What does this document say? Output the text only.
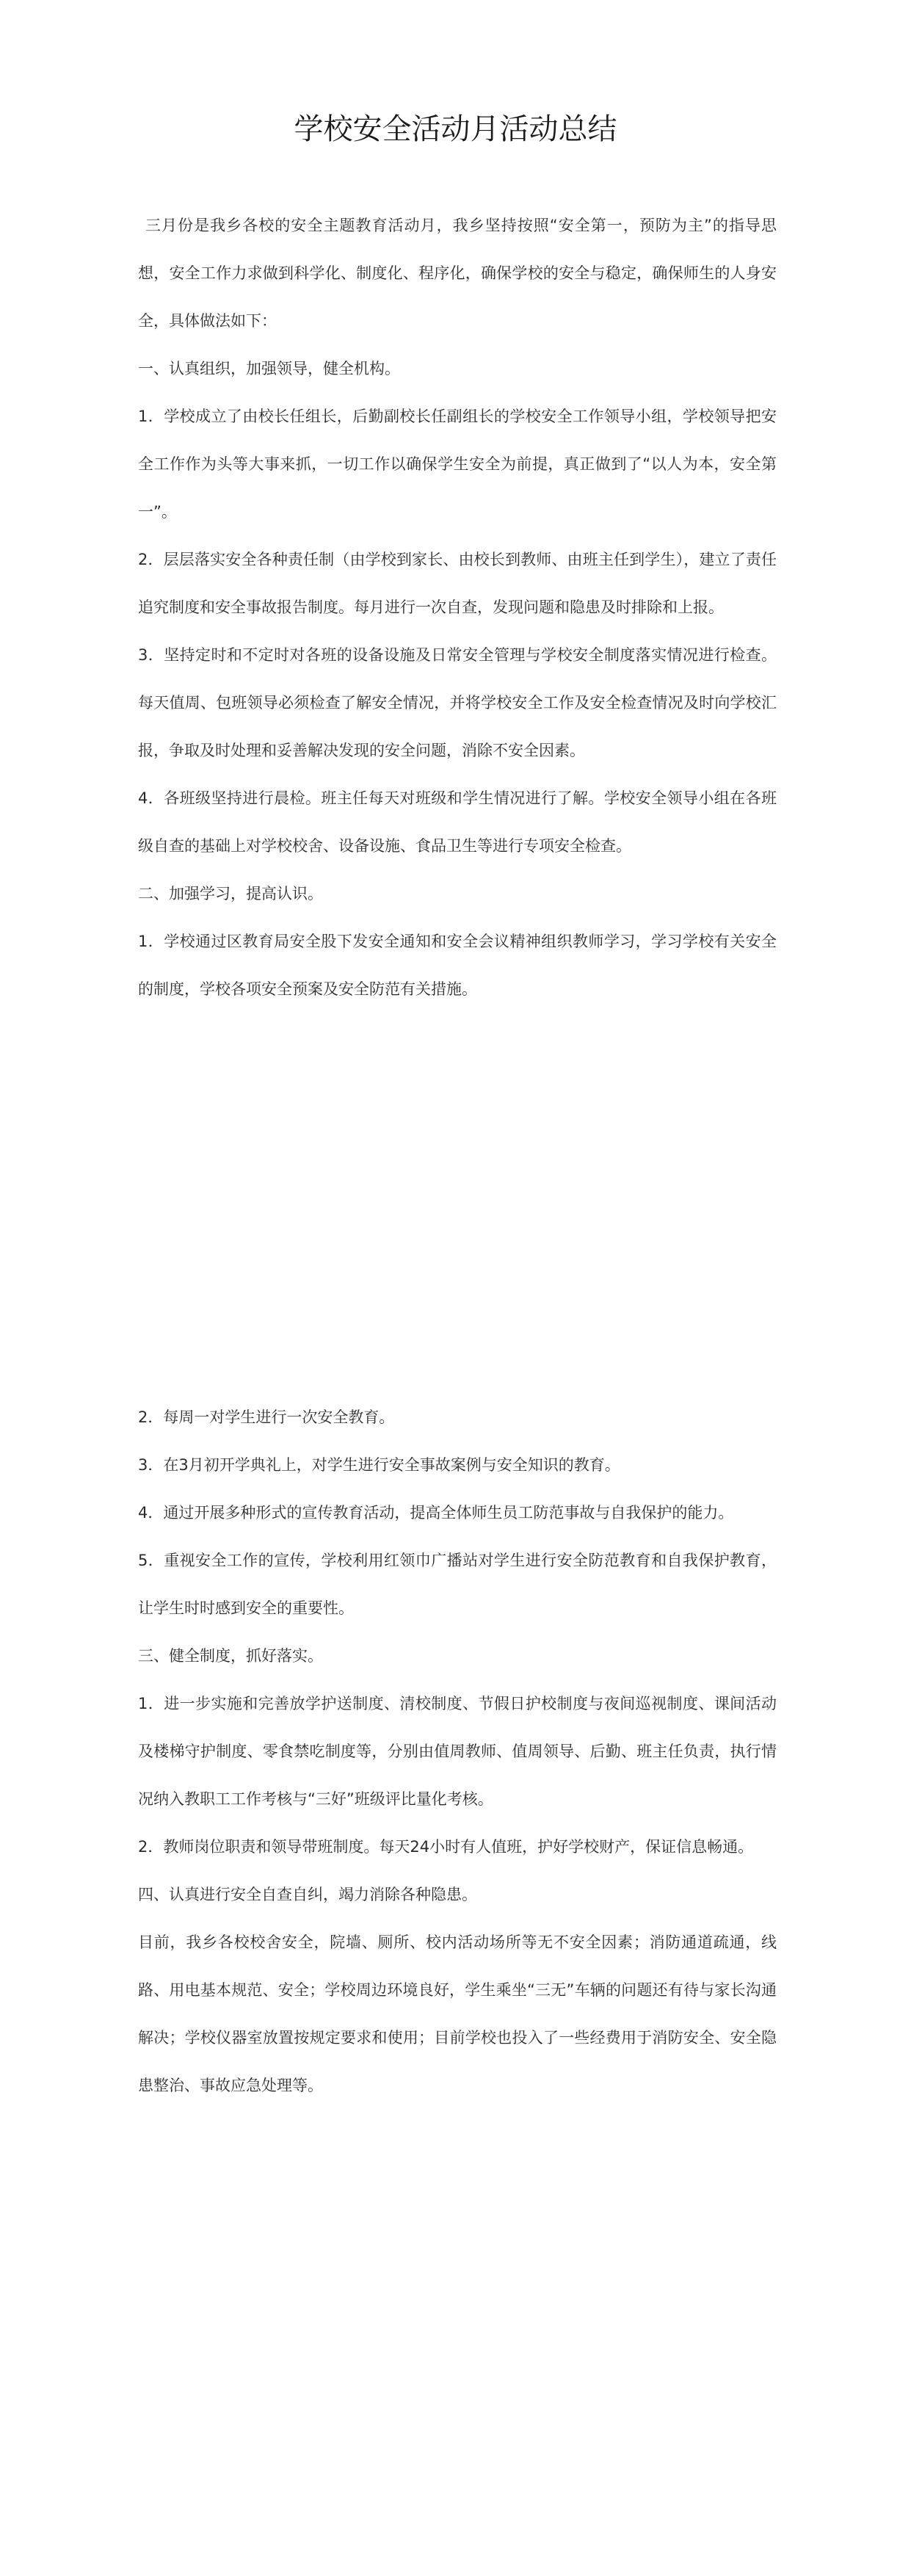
学校安全活动月活动总结

三月份是我乡各校的安全主题教育活动月，我乡坚持按照“安全第一，预防为主”的指导思想，安全工作力求做到科学化、制度化、程序化，确保学校的安全与稳定，确保师生的人身安全，具体做法如下：

一、认真组织，加强领导，健全机构。

1．学校成立了由校长任组长，后勤副校长任副组长的学校安全工作领导小组，学校领导把安全工作作为头等大事来抓，一切工作以确保学生安全为前提，真正做到了“以人为本，安全第一”。

2．层层落实安全各种责任制（由学校到家长、由校长到教师、由班主任到学生），建立了责任追究制度和安全事故报告制度。每月进行一次自查，发现问题和隐患及时排除和上报。

3．坚持定时和不定时对各班的设备设施及日常安全管理与学校安全制度落实情况进行检查。每天值周、包班领导必须检查了解安全情况，并将学校安全工作及安全检查情况及时向学校汇报，争取及时处理和妥善解决发现的安全问题，消除不安全因素。

4．各班级坚持进行晨检。班主任每天对班级和学生情况进行了解。学校安全领导小组在各班级自查的基础上对学校校舍、设备设施、食品卫生等进行专项安全检查。

二、加强学习，提高认识。

1．学校通过区教育局安全股下发安全通知和安全会议精神组织教师学习，学习学校有关安全的制度，学校各项安全预案及安全防范有关措施。

2．每周一对学生进行一次安全教育。

3．在3月初开学典礼上，对学生进行安全事故案例与安全知识的教育。

4．通过开展多种形式的宣传教育活动，提高全体师生员工防范事故与自我保护的能力。

5．重视安全工作的宣传，学校利用红领巾广播站对学生进行安全防范教育和自我保护教育，让学生时时感到安全的重要性。

三、健全制度，抓好落实。

1．进一步实施和完善放学护送制度、清校制度、节假日护校制度与夜间巡视制度、课间活动及楼梯守护制度、零食禁吃制度等，分别由值周教师、值周领导、后勤、班主任负责，执行情况纳入教职工工作考核与“三好”班级评比量化考核。

2．教师岗位职责和领导带班制度。每天24小时有人值班，护好学校财产，保证信息畅通。

四、认真进行安全自查自纠，竭力消除各种隐患。

目前，我乡各校校舍安全，院墙、厕所、校内活动场所等无不安全因素；消防通道疏通，线路、用电基本规范、安全；学校周边环境良好，学生乘坐“三无”车辆的问题还有待与家长沟通解决；学校仪器室放置按规定要求和使用；目前学校也投入了一些经费用于消防安全、安全隐患整治、事故应急处理等。
